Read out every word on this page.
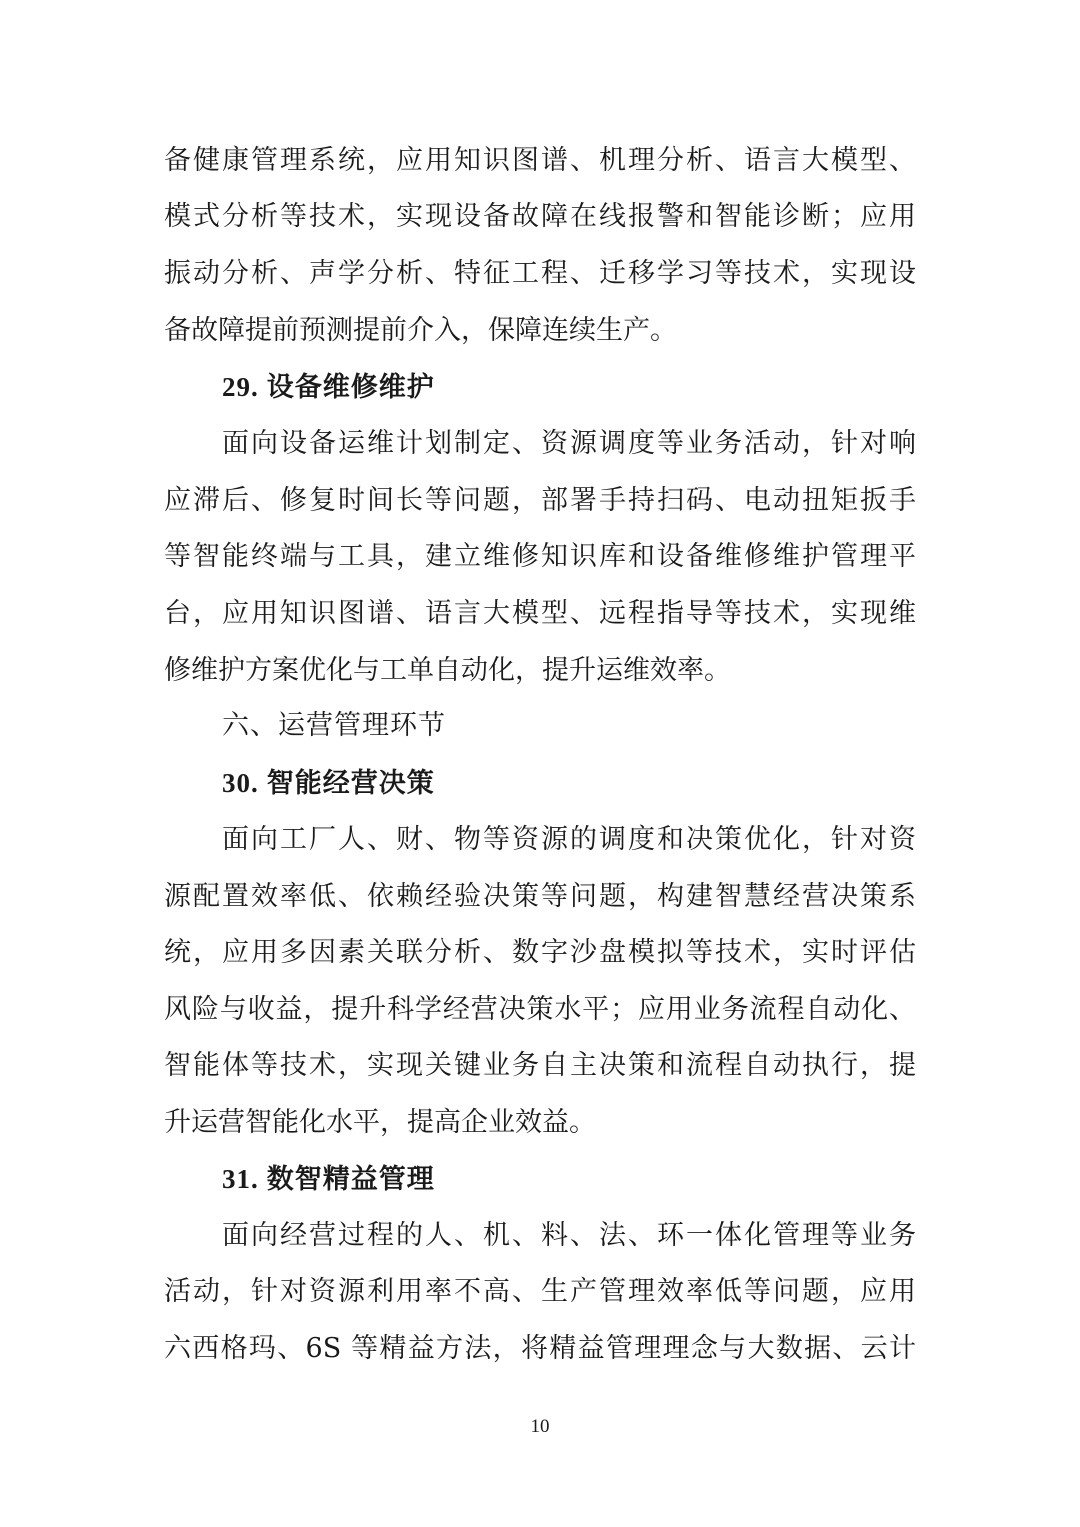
备健康管理系统，应用知识图谱、机理分析、语言大模型、
模式分析等技术，实现设备故障在线报警和智能诊断；应用
振动分析、声学分析、特征工程、迁移学习等技术，实现设
备故障提前预测提前介入，保障连续生产。
29. 设备维修维护
面向设备运维计划制定、资源调度等业务活动，针对响
应滞后、修复时间长等问题，部署手持扫码、电动扭矩扳手
等智能终端与工具，建立维修知识库和设备维修维护管理平
台，应用知识图谱、语言大模型、远程指导等技术，实现维
修维护方案优化与工单自动化，提升运维效率。
六、运营管理环节
30. 智能经营决策
面向工厂人、财、物等资源的调度和决策优化，针对资
源配置效率低、依赖经验决策等问题，构建智慧经营决策系
统，应用多因素关联分析、数字沙盘模拟等技术，实时评估
风险与收益，提升科学经营决策水平；应用业务流程自动化、
智能体等技术，实现关键业务自主决策和流程自动执行，提
升运营智能化水平，提高企业效益。
31. 数智精益管理
面向经营过程的人、机、料、法、环一体化管理等业务
活动，针对资源利用率不高、生产管理效率低等问题，应用
六西格玛、6S 等精益方法，将精益管理理念与大数据、云计
10
